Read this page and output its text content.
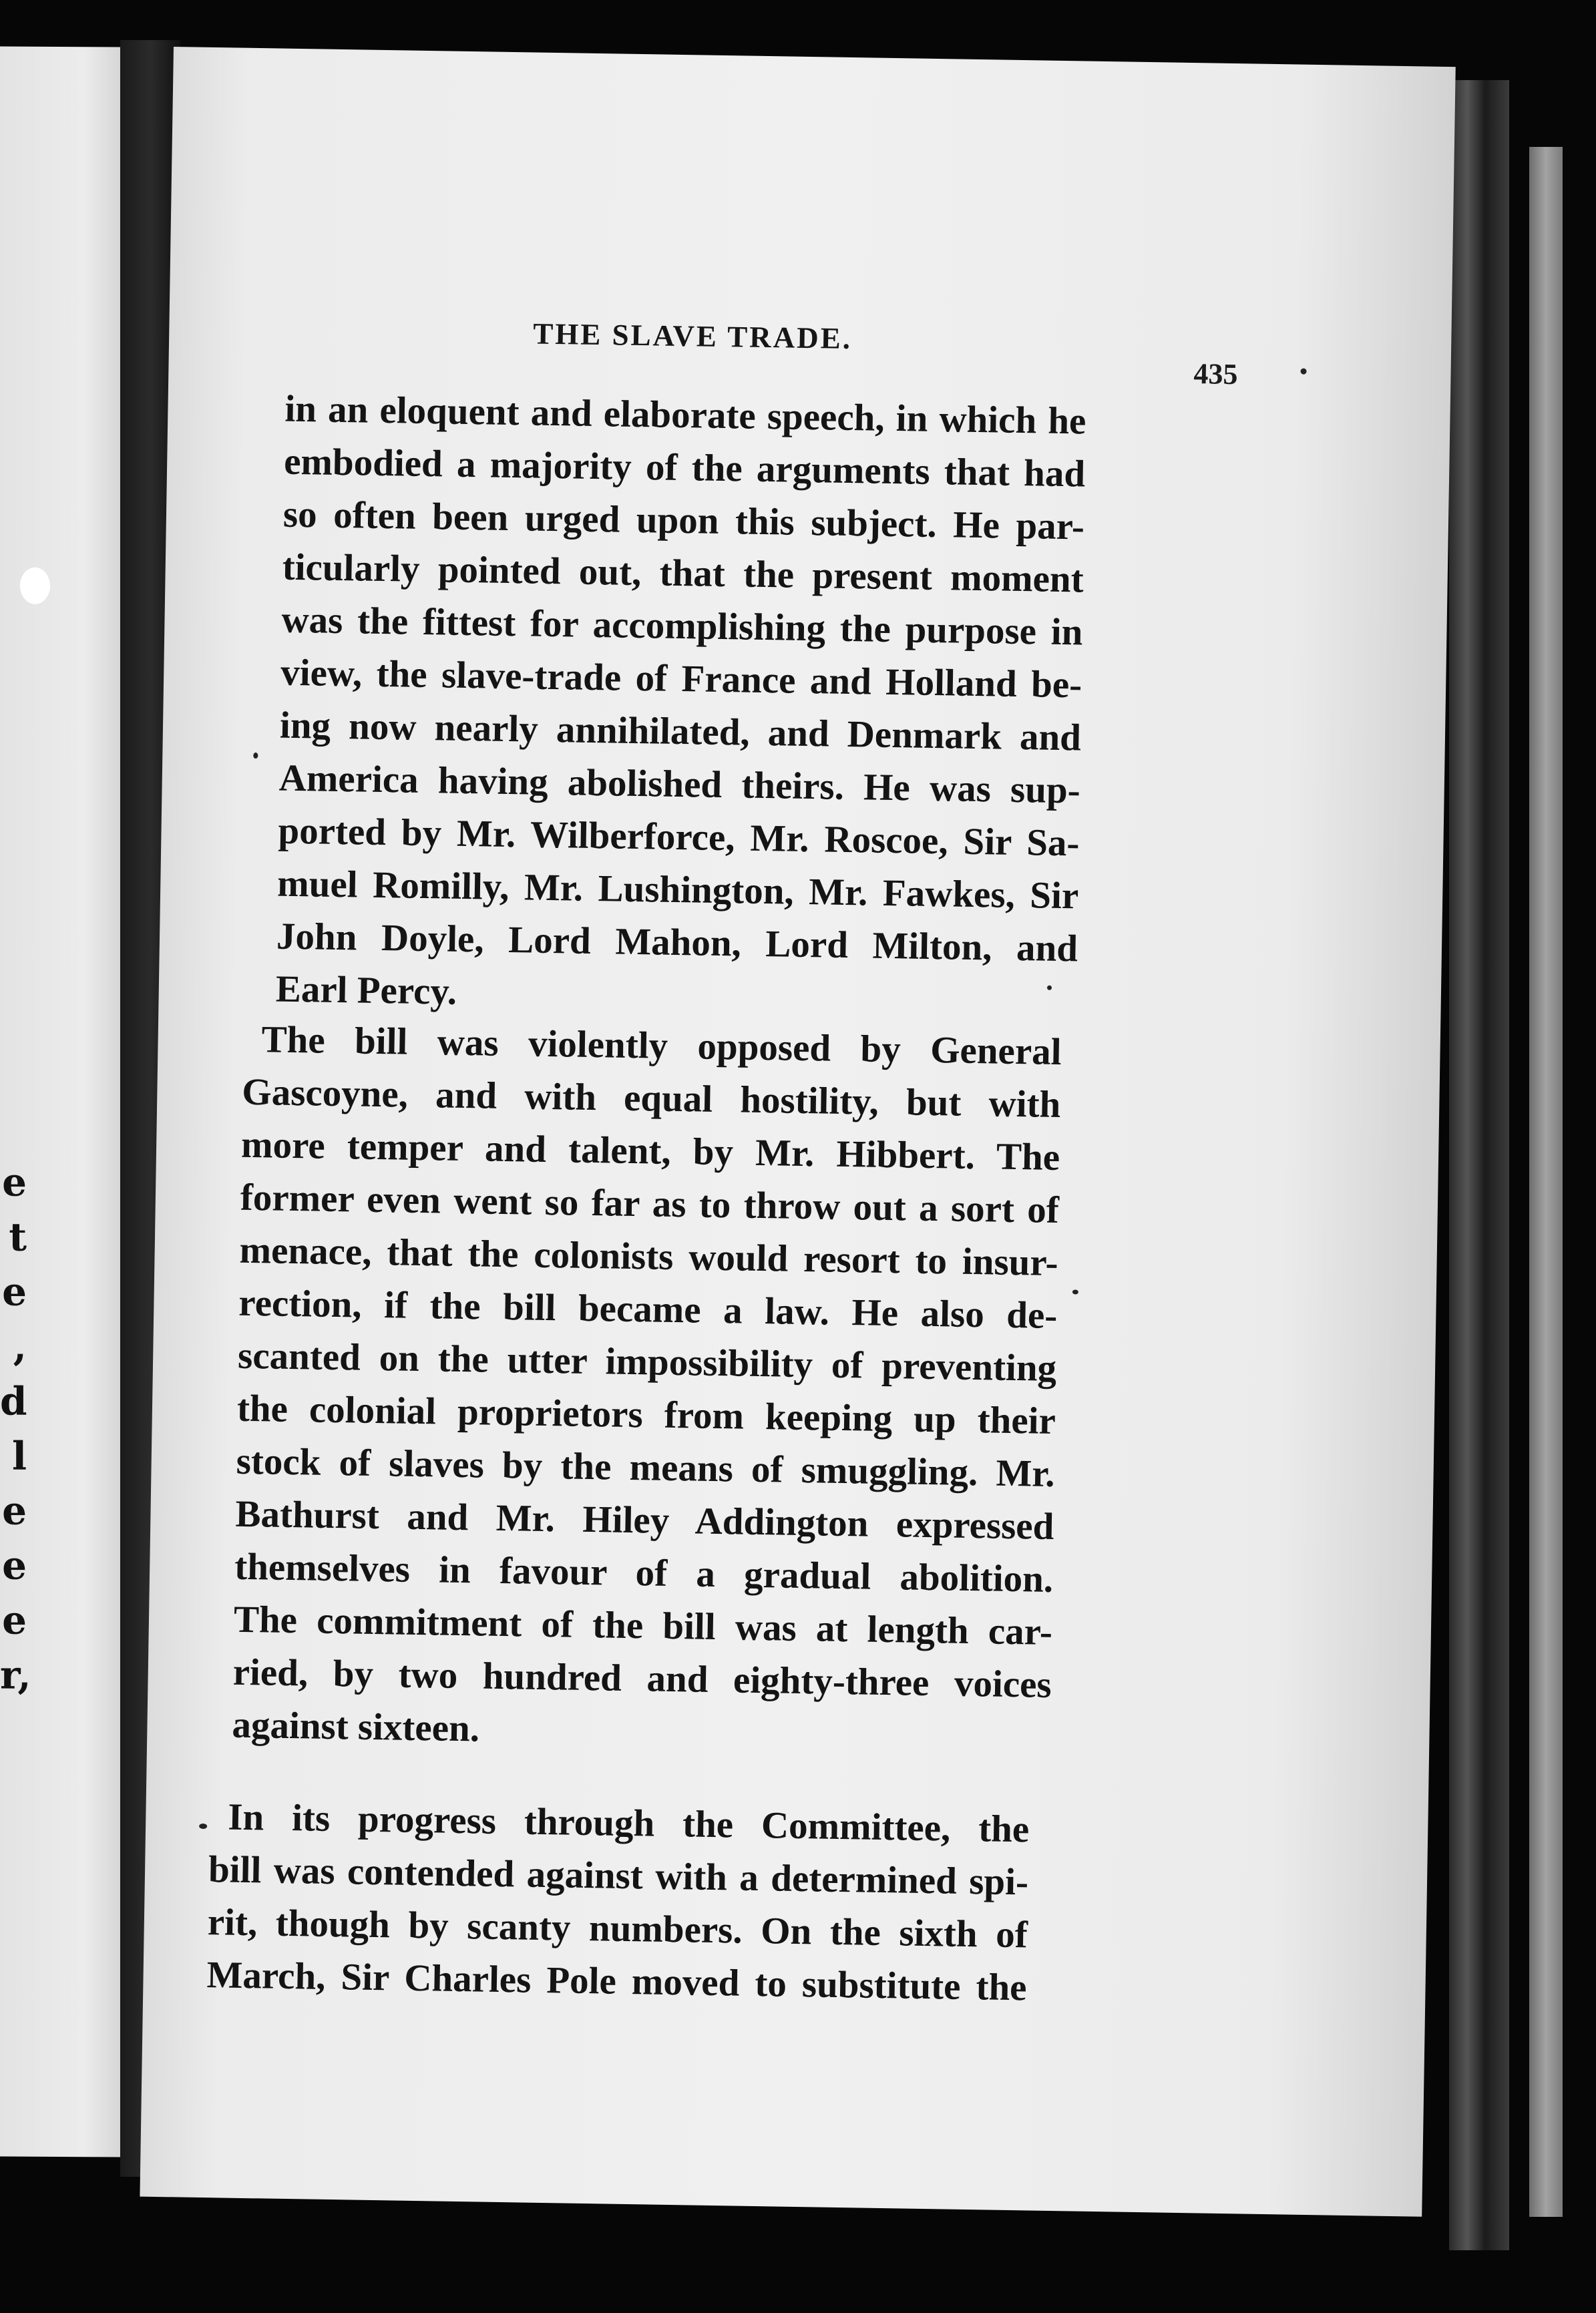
e
t
e
,
d
l
e
e
e
r,
THE SLAVE TRADE.
435

in an eloquent and elaborate speech, in which he
embodied a majority of the arguments that had
so often been urged upon this subject. He par-
ticularly pointed out, that the present moment
was the fittest for accomplishing the purpose in
view, the slave-trade of France and Holland be-
ing now nearly annihilated, and Denmark and
America having abolished theirs. He was sup-
ported by Mr. Wilberforce, Mr. Roscoe, Sir Sa-
muel Romilly, Mr. Lushington, Mr. Fawkes, Sir
John Doyle, Lord Mahon, Lord Milton, and
Earl Percy.

The bill was violently opposed by General
Gascoyne, and with equal hostility, but with
more temper and talent, by Mr. Hibbert. The
former even went so far as to throw out a sort of
menace, that the colonists would resort to insur-
rection, if the bill became a law. He also de-
scanted on the utter impossibility of preventing
the colonial proprietors from keeping up their
stock of slaves by the means of smuggling. Mr.
Bathurst and Mr. Hiley Addington expressed
themselves in favour of a gradual abolition.
The commitment of the bill was at length car-
ried, by two hundred and eighty-three voices
against sixteen.

In its progress through the Committee, the
bill was contended against with a determined spi-
rit, though by scanty numbers. On the sixth of
March, Sir Charles Pole moved to substitute the
